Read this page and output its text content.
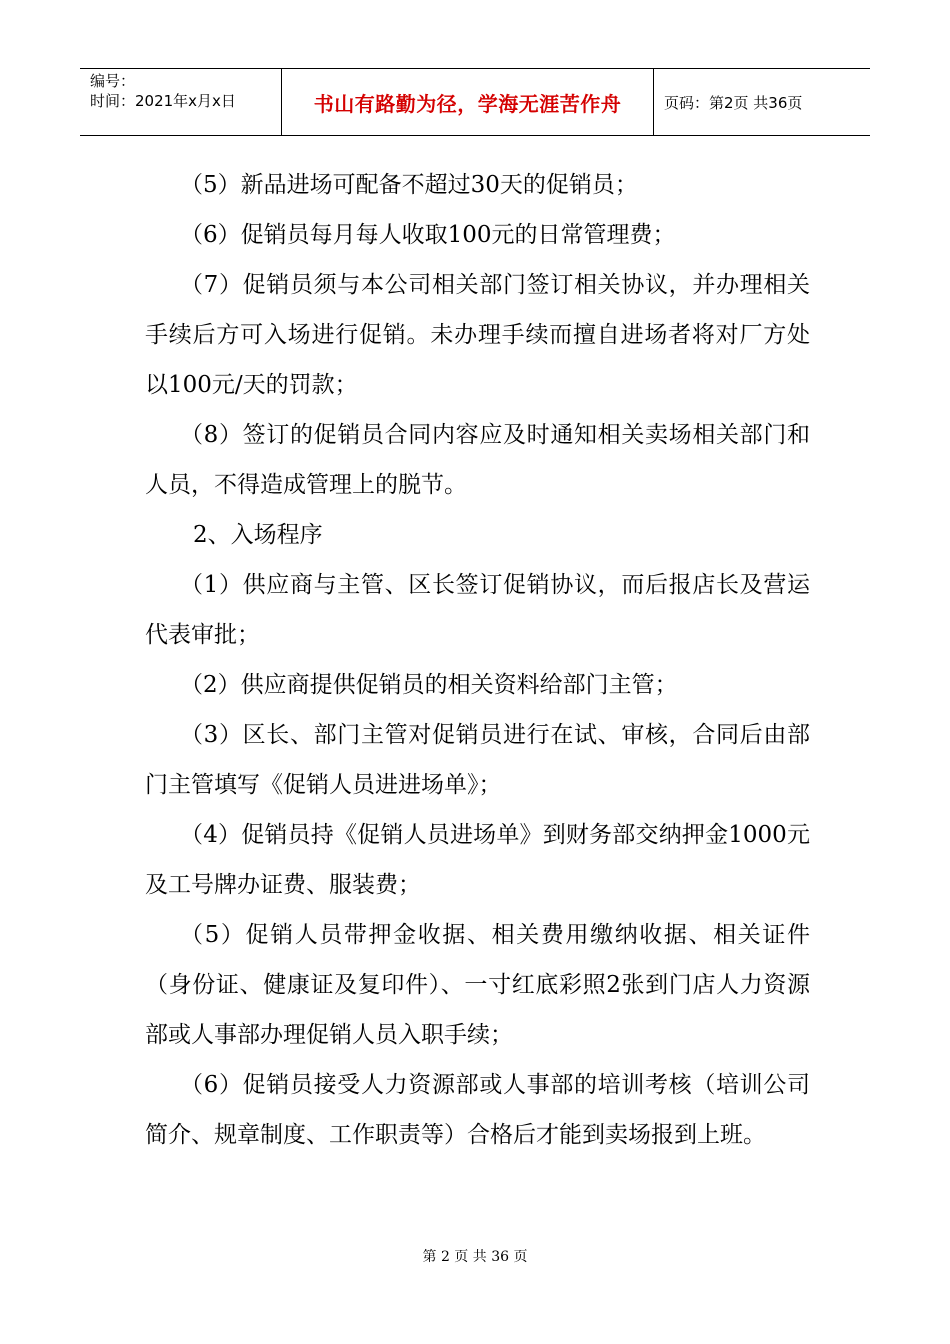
编号：
时间：2021年x月x日	书山有路勤为径，学海无涯苦作舟	页码：第2页 共36页

（5）新品进场可配备不超过30天的促销员；

（6）促销员每月每人收取100元的日常管理费；

（7）促销员须与本公司相关部门签订相关协议，并办理相关手续后方可入场进行促销。未办理手续而擅自进场者将对厂方处以100元/天的罚款；

（8）签订的促销员合同内容应及时通知相关卖场相关部门和人员，不得造成管理上的脱节。

2、入场程序

（1）供应商与主管、区长签订促销协议，而后报店长及营运代表审批；

（2）供应商提供促销员的相关资料给部门主管；

（3）区长、部门主管对促销员进行在试、审核，合同后由部门主管填写《促销人员进进场单》；

（4）促销员持《促销人员进场单》到财务部交纳押金1000元及工号牌办证费、服装费；

（5）促销人员带押金收据、相关费用缴纳收据、相关证件（身份证、健康证及复印件）、一寸红底彩照2张到门店人力资源部或人事部办理促销人员入职手续；

（6）促销员接受人力资源部或人事部的培训考核（培训公司简介、规章制度、工作职责等）合格后才能到卖场报到上班。

第 2 页 共 36 页
